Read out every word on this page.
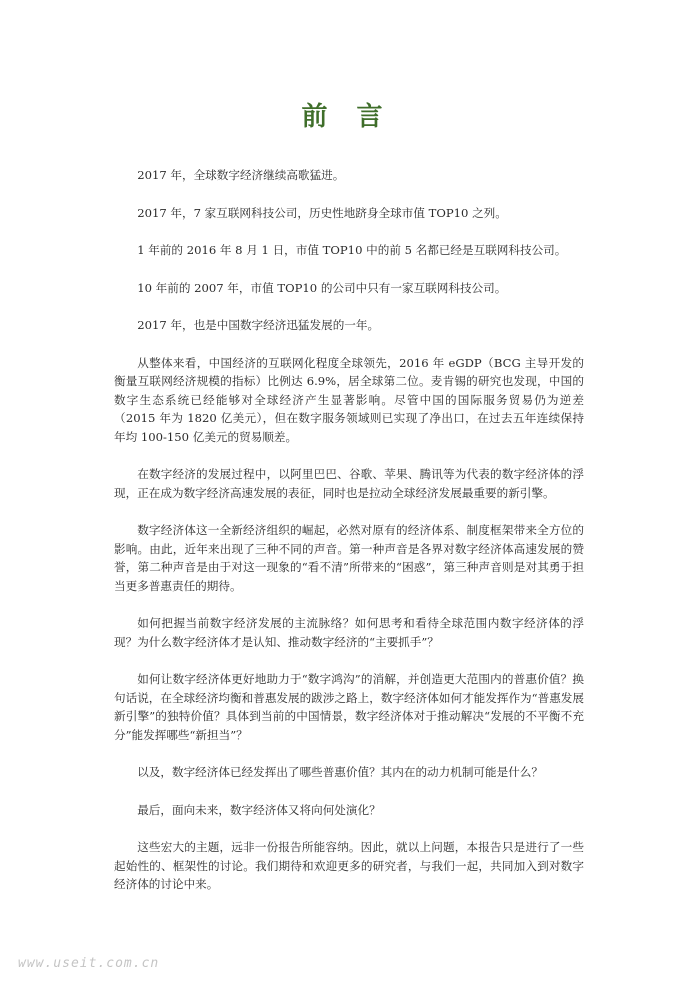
前 言

2017 年，全球数字经济继续高歌猛进。

2017 年，7 家互联网科技公司，历史性地跻身全球市值 TOP10 之列。

1 年前的 2016 年 8 月 1 日，市值 TOP10 中的前 5 名都已经是互联网科技公司。

10 年前的 2007 年，市值 TOP10 的公司中只有一家互联网科技公司。

2017 年，也是中国数字经济迅猛发展的一年。

从整体来看，中国经济的互联网化程度全球领先，2016 年 eGDP（BCG 主导开发的衡量互联网经济规模的指标）比例达 6.9%，居全球第二位。麦肯锡的研究也发现，中国的数字生态系统已经能够对全球经济产生显著影响。尽管中国的国际服务贸易仍为逆差（2015 年为 1820 亿美元），但在数字服务领域则已实现了净出口，在过去五年连续保持年均 100-150 亿美元的贸易顺差。

在数字经济的发展过程中，以阿里巴巴、谷歌、苹果、腾讯等为代表的数字经济体的浮现，正在成为数字经济高速发展的表征，同时也是拉动全球经济发展最重要的新引擎。

数字经济体这一全新经济组织的崛起，必然对原有的经济体系、制度框架带来全方位的影响。由此，近年来出现了三种不同的声音。第一种声音是各界对数字经济体高速发展的赞誉，第二种声音是由于对这一现象的“看不清”所带来的“困惑”，第三种声音则是对其勇于担当更多普惠责任的期待。

如何把握当前数字经济发展的主流脉络？如何思考和看待全球范围内数字经济体的浮现？为什么数字经济体才是认知、推动数字经济的“主要抓手”？

如何让数字经济体更好地助力于“数字鸿沟”的消解，并创造更大范围内的普惠价值？换句话说，在全球经济均衡和普惠发展的跋涉之路上，数字经济体如何才能发挥作为“普惠发展新引擎”的独特价值？具体到当前的中国情景，数字经济体对于推动解决“发展的不平衡不充分”能发挥哪些“新担当”？

以及，数字经济体已经发挥出了哪些普惠价值？其内在的动力机制可能是什么？

最后，面向未来，数字经济体又将向何处演化？

这些宏大的主题，远非一份报告所能容纳。因此，就以上问题，本报告只是进行了一些起始性的、框架性的讨论。我们期待和欢迎更多的研究者，与我们一起，共同加入到对数字经济体的讨论中来。

www.useit.com.cn
